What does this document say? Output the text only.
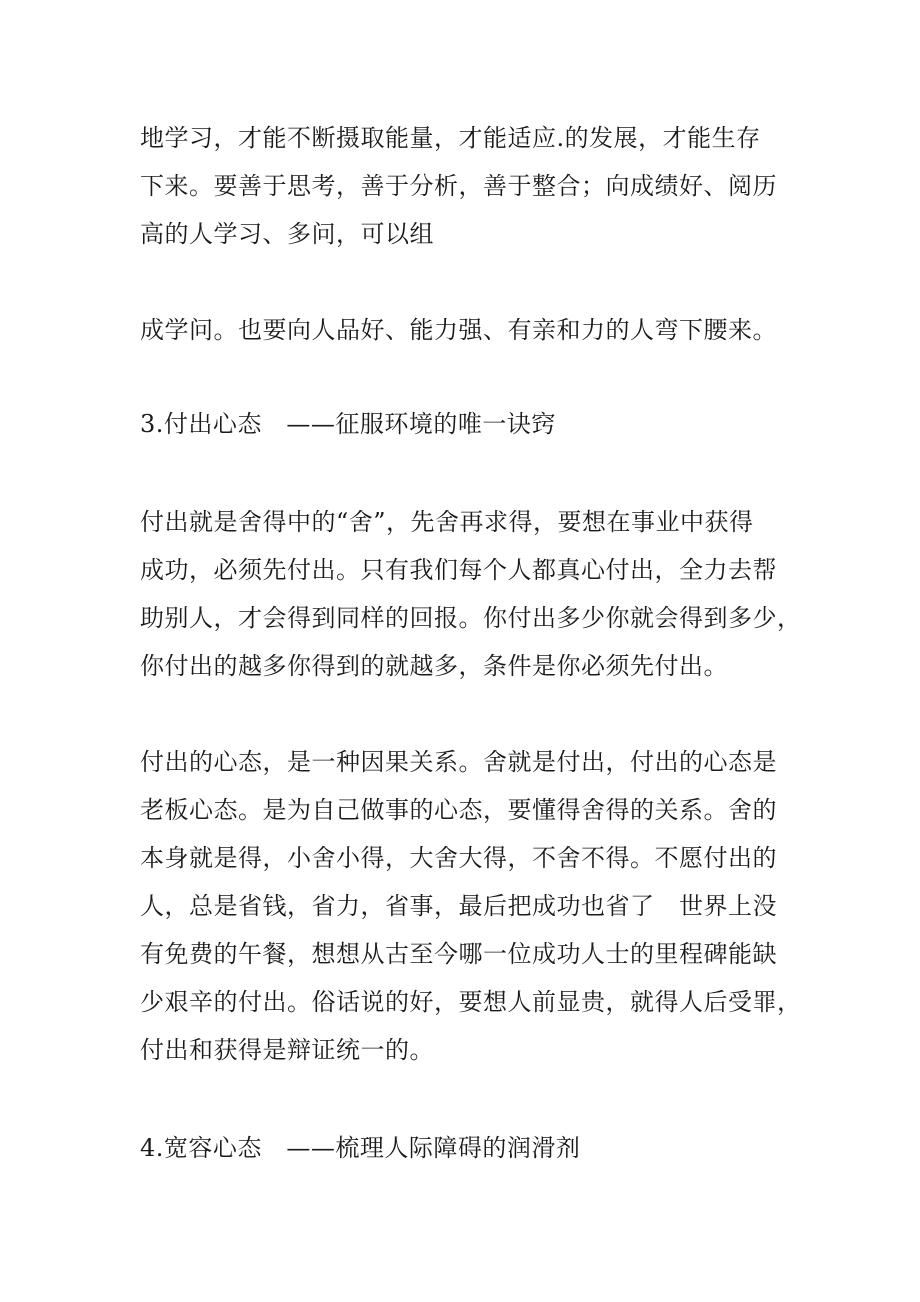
地学习，才能不断摄取能量，才能适应.的发展，才能生存
下来。要善于思考，善于分析，善于整合；向成绩好、阅历
高的人学习、多问，可以组
成学问。也要向人品好、能力强、有亲和力的人弯下腰来。
3.付出心态　——征服环境的唯一诀窍
付出就是舍得中的“舍”，先舍再求得，要想在事业中获得
成功，必须先付出。只有我们每个人都真心付出，全力去帮
助别人，才会得到同样的回报。你付出多少你就会得到多少，
你付出的越多你得到的就越多，条件是你必须先付出。
付出的心态，是一种因果关系。舍就是付出，付出的心态是
老板心态。是为自己做事的心态，要懂得舍得的关系。舍的
本身就是得，小舍小得，大舍大得，不舍不得。不愿付出的
人，总是省钱，省力，省事，最后把成功也省了　世界上没
有免费的午餐，想想从古至今哪一位成功人士的里程碑能缺
少艰辛的付出。俗话说的好，要想人前显贵，就得人后受罪，
付出和获得是辩证统一的。
4.宽容心态　——梳理人际障碍的润滑剂
